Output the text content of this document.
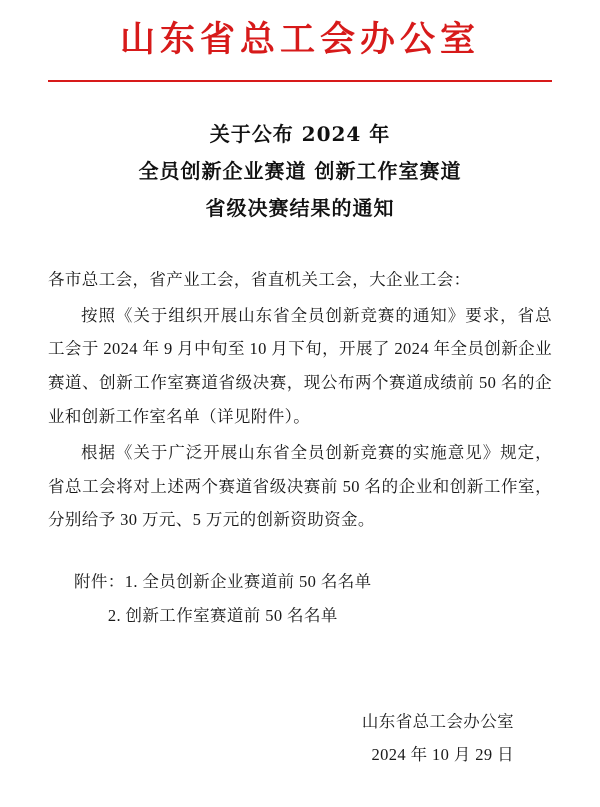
山东省总工会办公室
关于公布 2024 年
全员创新企业赛道 创新工作室赛道
省级决赛结果的通知

各市总工会，省产业工会，省直机关工会，大企业工会：

按照《关于组织开展山东省全员创新竞赛的通知》要求，省总工会于 2024 年 9 月中旬至 10 月下旬，开展了 2024 年全员创新企业赛道、创新工作室赛道省级决赛，现公布两个赛道成绩前 50 名的企业和创新工作室名单（详见附件）。

根据《关于广泛开展山东省全员创新竞赛的实施意见》规定，省总工会将对上述两个赛道省级决赛前 50 名的企业和创新工作室，分别给予 30 万元、5 万元的创新资助资金。

附件：1. 全员创新企业赛道前 50 名名单
2. 创新工作室赛道前 50 名名单
山东省总工会办公室
2024 年 10 月 29 日
